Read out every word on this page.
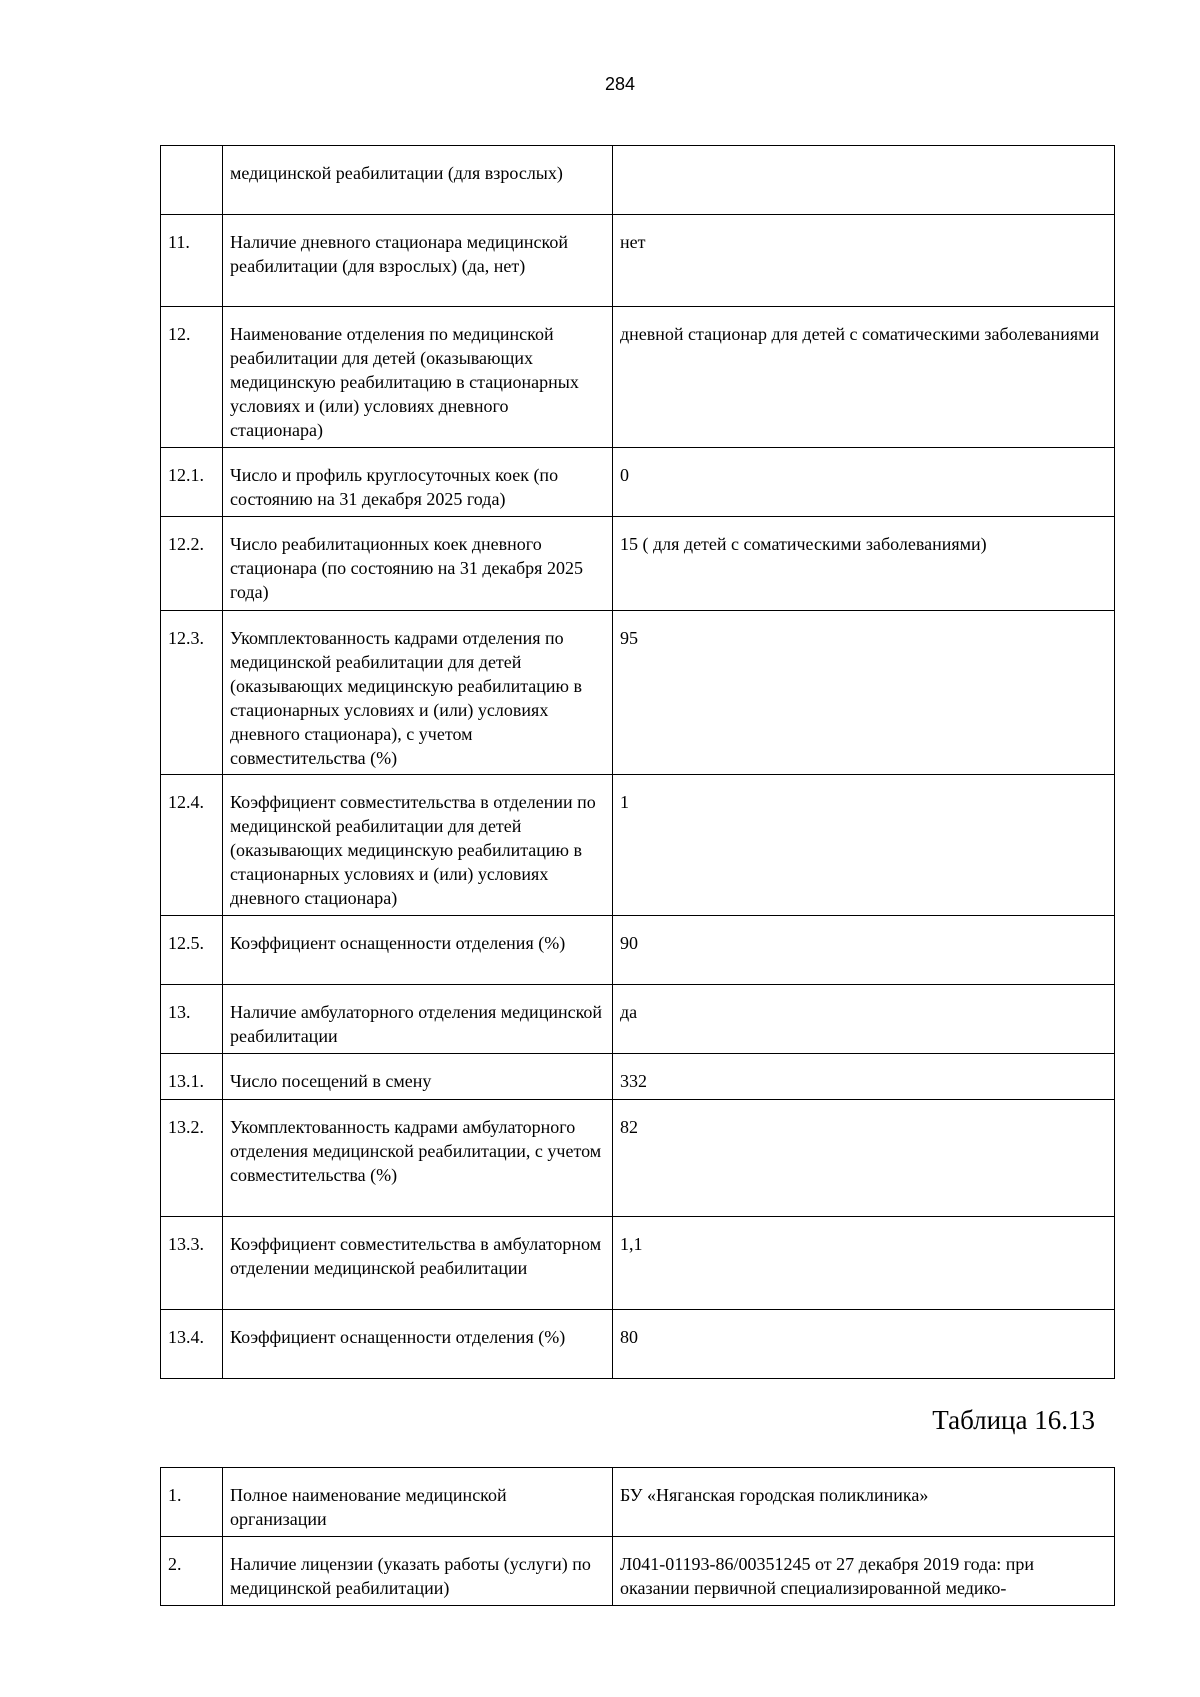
284
	медицинской реабилитации (для взрослых)	
11.	Наличие дневного стационара медицинской реабилитации (для взрослых) (да, нет)	нет
12.	Наименование отделения по медицинской реабилитации для детей (оказывающих медицинскую реабилитацию в стационарных условиях и (или) условиях дневного стационара)	дневной стационар для детей с соматическими заболеваниями
12.1.	Число и профиль круглосуточных коек (по состоянию на 31 декабря 2025 года)	0
12.2.	Число реабилитационных коек дневного стационара (по состоянию на 31 декабря 2025 года)	15 ( для детей с соматическими заболеваниями)
12.3.	Укомплектованность кадрами отделения по медицинской реабилитации для детей (оказывающих медицинскую реабилитацию в стационарных условиях и (или) условиях дневного стационара), с учетом совместительства (%)	95
12.4.	Коэффициент совместительства в отделении по медицинской реабилитации для детей (оказывающих медицинскую реабилитацию в стационарных условиях и (или) условиях дневного стационара)	1
12.5.	Коэффициент оснащенности отделения (%)	90
13.	Наличие амбулаторного отделения медицинской реабилитации	да
13.1.	Число посещений в смену	332
13.2.	Укомплектованность кадрами амбулаторного отделения медицинской реабилитации, с учетом совместительства (%)	82
13.3.	Коэффициент совместительства в амбулаторном отделении медицинской реабилитации	1,1
13.4.	Коэффициент оснащенности отделения (%)	80
Таблица 16.13
1.	Полное наименование медицинской организации	БУ «Няганская городская поликлиника»
2.	Наличие лицензии (указать работы (услуги) по медицинской реабилитации)	Л041-01193-86/00351245 от 27 декабря 2019 года: при оказании первичной специализированной медико-
